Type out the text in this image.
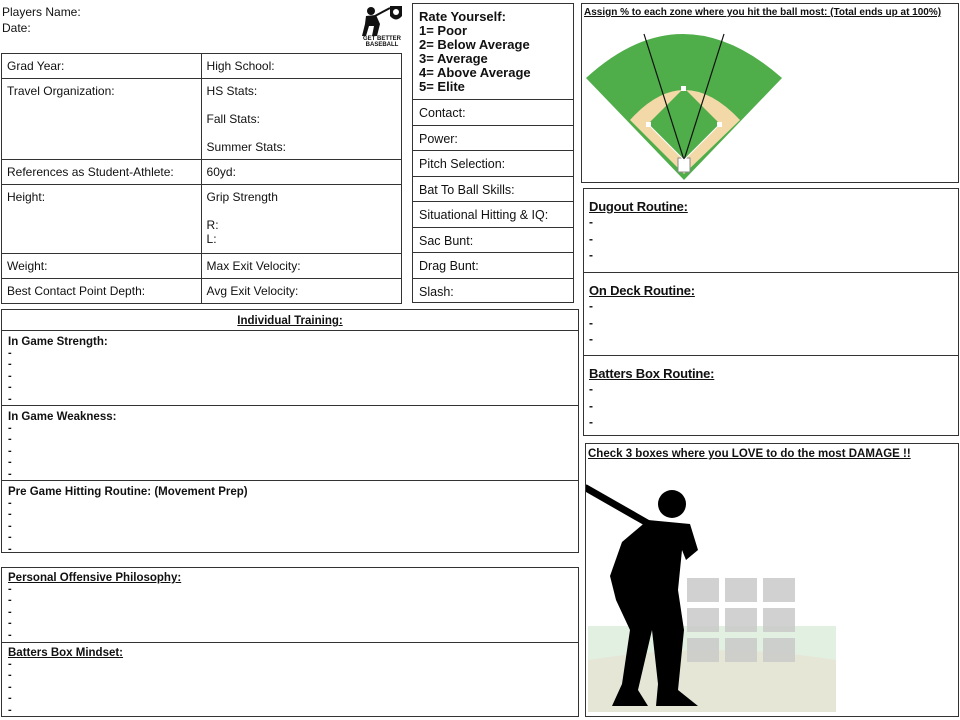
Players Name:
Date:
GET BETTER
BASEBALL
Grad Year:	High School:
Travel Organization:	HS Stats:
Fall Stats:
Summer Stats:

References as Student-Athlete:	60yd:
Height:	Grip Strength
R:
L:

Weight:	Max Exit Velocity:
Best Contact Point Depth:	Avg Exit Velocity:
Rate Yourself:
1= Poor
2= Below Average
3= Average
4= Above Average
5= Elite
Contact:
Power:
Pitch Selection:
Bat To Ball Skills:
Situational Hitting & IQ:
Sac Bunt:
Drag Bunt:
Slash:
Assign % to each zone where you hit the ball most: (Total ends up at 100%)
Dugout Routine:
-
-
-
On Deck Routine:
-
-
-
Batters Box Routine:
-
-
-
Check 3 boxes where you LOVE to do the most DAMAGE !!
Individual Training:
In Game Strength:
-
-
-
-
-
In Game Weakness:
-
-
-
-
-
Pre Game Hitting Routine: (Movement Prep)
-
-
-
-
-
Personal Offensive Philosophy:
-
-
-
-
-
Batters Box Mindset:
-
-
-
-
-
